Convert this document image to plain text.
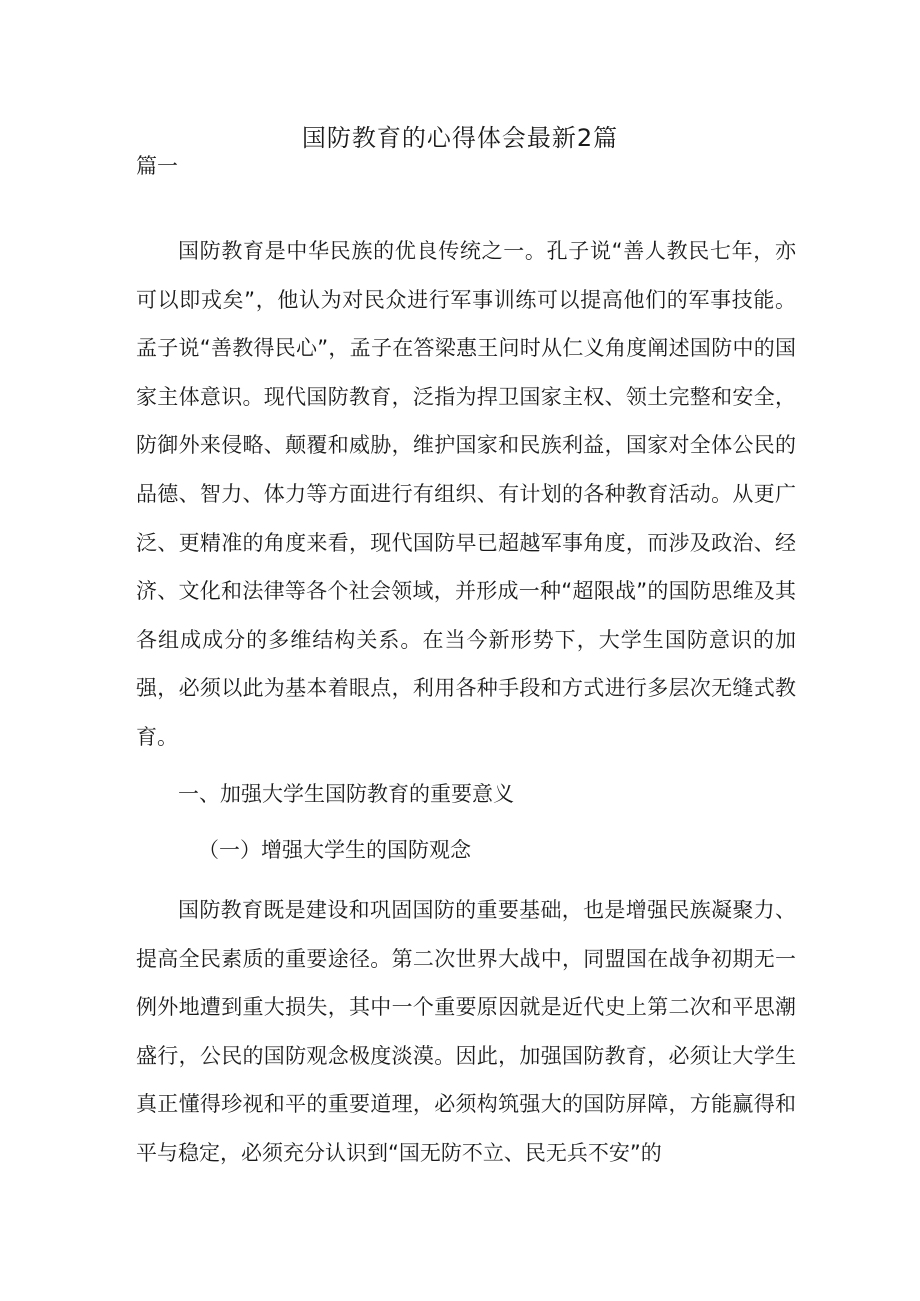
国防教育的心得体会最新2篇

篇一

国防教育是中华民族的优良传统之一。孔子说“善人教民七年，亦可以即戎矣”，他认为对民众进行军事训练可以提高他们的军事技能。孟子说“善教得民心”，孟子在答梁惠王问时从仁义角度阐述国防中的国家主体意识。现代国防教育，泛指为捍卫国家主权、领土完整和安全，防御外来侵略、颠覆和威胁，维护国家和民族利益，国家对全体公民的品德、智力、体力等方面进行有组织、有计划的各种教育活动。从更广泛、更精准的角度来看，现代国防早已超越军事角度，而涉及政治、经济、文化和法律等各个社会领域，并形成一种“超限战”的国防思维及其各组成成分的多维结构关系。在当今新形势下，大学生国防意识的加强，必须以此为基本着眼点，利用各种手段和方式进行多层次无缝式教育。

一、加强大学生国防教育的重要意义
（一）增强大学生的国防观念

国防教育既是建设和巩固国防的重要基础，也是增强民族凝聚力、提高全民素质的重要途径。第二次世界大战中，同盟国在战争初期无一例外地遭到重大损失，其中一个重要原因就是近代史上第二次和平思潮盛行，公民的国防观念极度淡漠。因此，加强国防教育，必须让大学生真正懂得珍视和平的重要道理，必须构筑强大的国防屏障，方能赢得和平与稳定，必须充分认识到“国无防不立、民无兵不安”的
